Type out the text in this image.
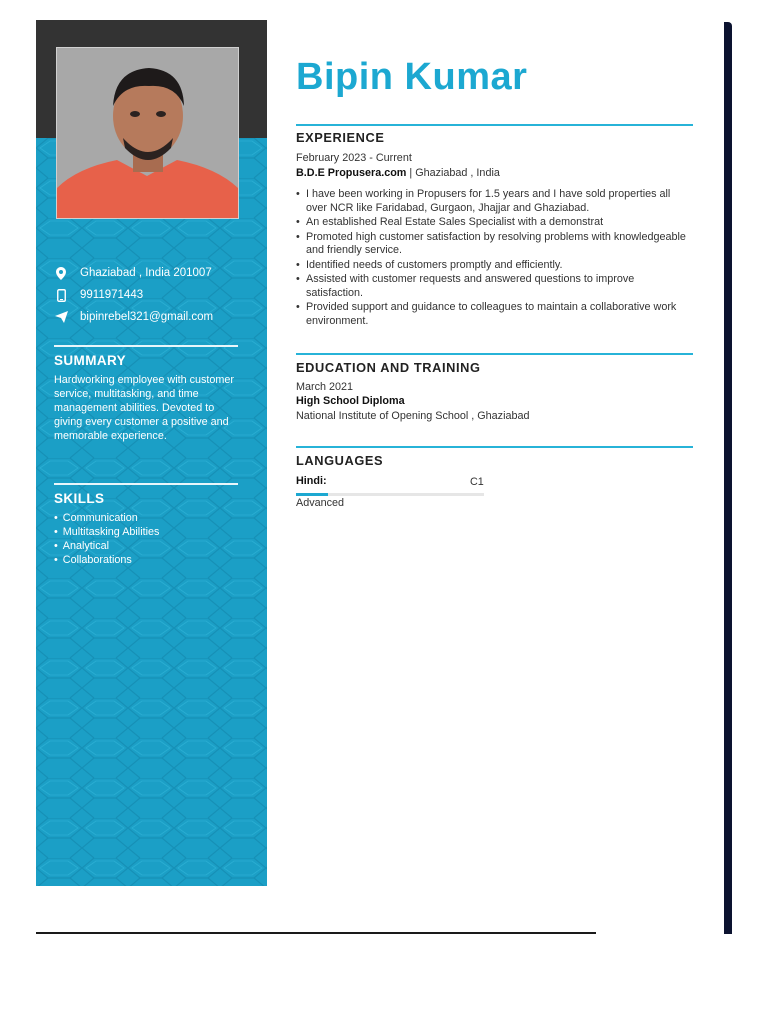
Ghaziabad , India 201007
9911971443
bipinrebel321@gmail.com
SUMMARY
Hardworking employee with customer service, multitasking, and time management abilities. Devoted to giving every customer a positive and memorable experience.
SKILLS
• Communication
• Multitasking Abilities
• Analytical
• Collaborations
Bipin Kumar
EXPERIENCE
February 2023 - Current
B.D.E Propusera.com | Ghaziabad , India
• I have been working in Propusers for 1.5 years and I have sold properties all over NCR like Faridabad, Gurgaon, Jhajjar and Ghaziabad.
• An established Real Estate Sales Specialist with a demonstrat
• Promoted high customer satisfaction by resolving problems with knowledgeable and friendly service.
• Identified needs of customers promptly and efficiently.
• Assisted with customer requests and answered questions to improve satisfaction.
• Provided support and guidance to colleagues to maintain a collaborative work environment.
EDUCATION AND TRAINING
March 2021
High School Diploma
National Institute of Opening School , Ghaziabad
LANGUAGES
Hindi:	C1
Advanced
